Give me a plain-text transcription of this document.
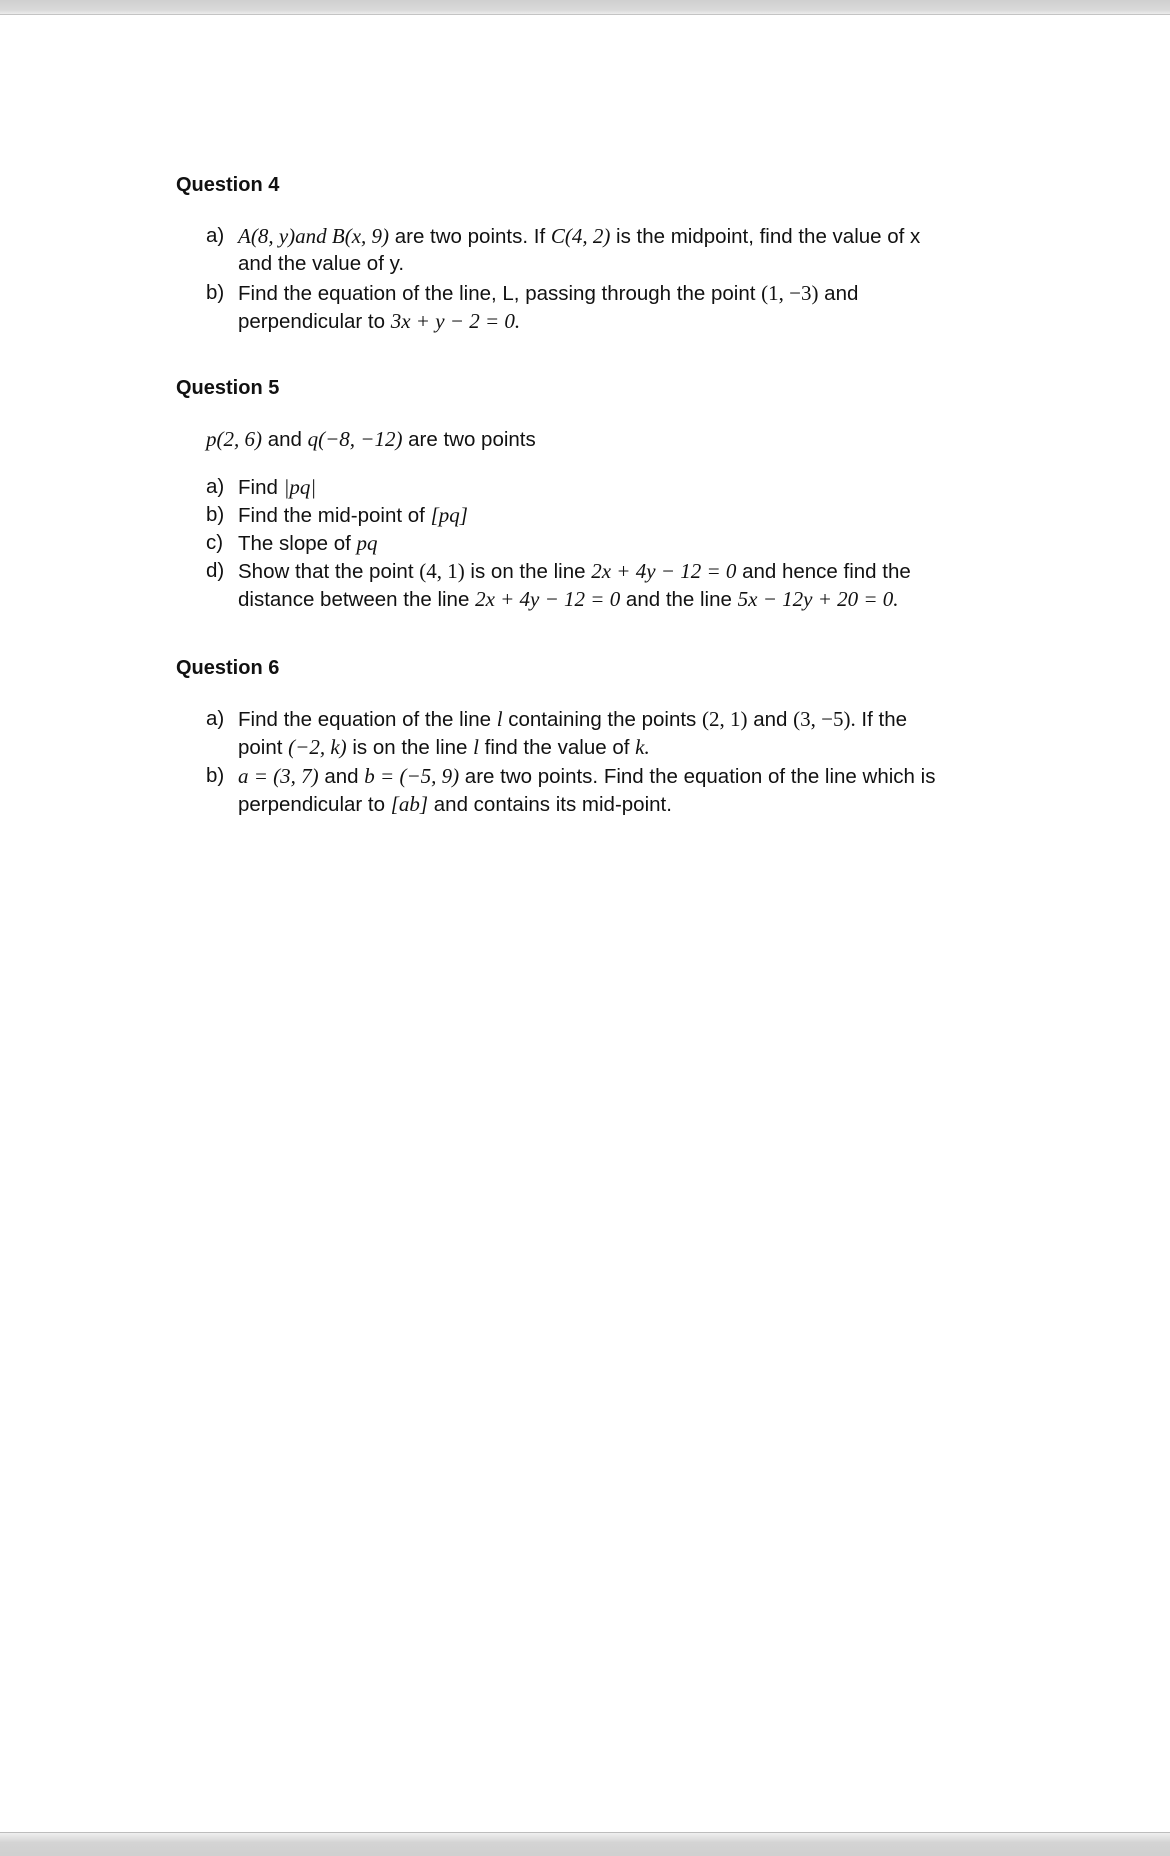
Question 4

a) A(8, y)and B(x, 9) are two points. If C(4, 2) is the midpoint, find the value of x

and the value of y.

b) Find the equation of the line, L, passing through the point (1, −3) and

perpendicular to 3x + y − 2 = 0.

Question 5

p(2, 6) and q(−8, −12) are two points

a) Find |pq|

b) Find the mid-point of [pq]

c) The slope of pq

d) Show that the point (4, 1) is on the line 2x + 4y − 12 = 0 and hence find the

distance between the line 2x + 4y − 12 = 0 and the line 5x − 12y + 20 = 0.

Question 6

a) Find the equation of the line l containing the points (2, 1) and (3, −5). If the

point (−2, k) is on the line l find the value of k.

b) a = (3, 7) and b = (−5, 9) are two points. Find the equation of the line which is

perpendicular to [ab] and contains its mid-point.
